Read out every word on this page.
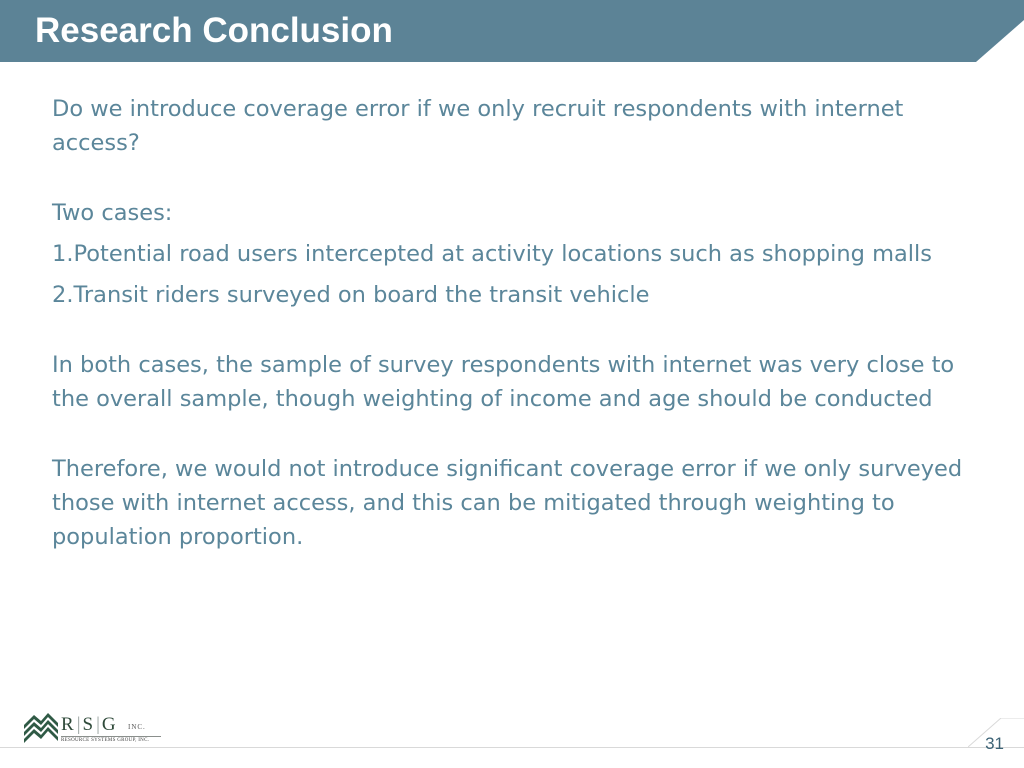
Research Conclusion

Do we introduce coverage error if we only recruit respondents with internet access?

Two cases:

1.Potential road users intercepted at activity locations such as shopping malls

2.Transit riders surveyed on board the transit vehicle

In both cases, the sample of survey respondents with internet was very close to the overall sample, though weighting of income and age should be conducted

Therefore, we would not introduce significant coverage error if we only surveyed those with internet access, and this can be mitigated through weighting to population proportion.

R|S|G INC.
RESOURCE SYSTEMS GROUP, INC.	31
